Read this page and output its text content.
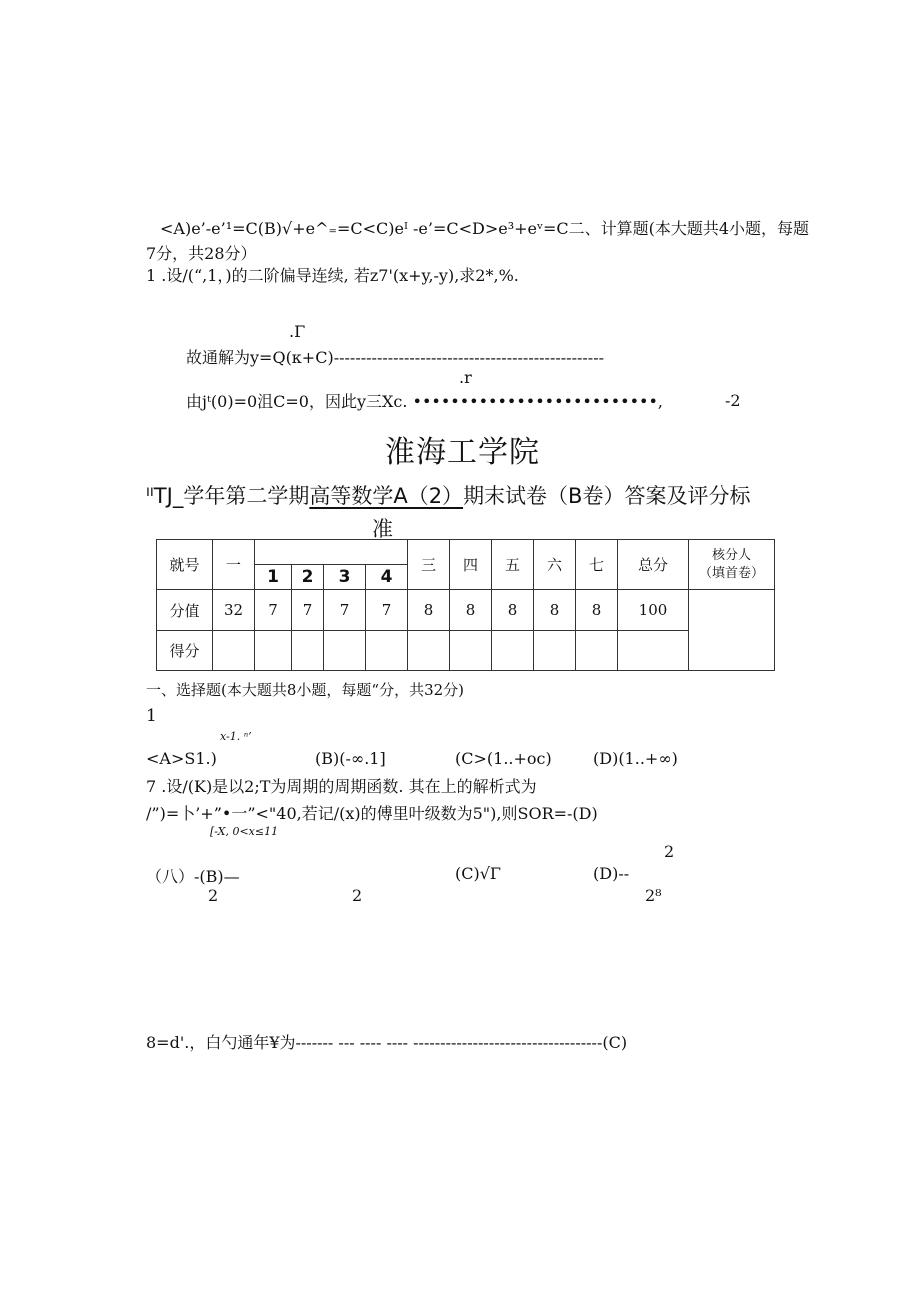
<A)e’-e’¹=C(B)√+e^₌=C<C)eᴵ -e’=C<D>e³+eᵛ=C二、计算题(本大题共4小题，每题
7分，共28分）
1 .设/(“,1，)的二阶偏导连续, 若z7'(x+y,-y),求2*,%.
.Γ
故通解为y=Q(κ+C)--------------------------------------------------
.r
由jᵗ(0)=0沮C=0，因此y三Xc. ••••••••••••••••••••••••••,	-2
淮海工学院
ᴵᴵTJ_学年第二学期高等数学A（2）期末试卷（B卷）答案及评分标
准
就号	一					三	四	五	六	七	总分	核分人
（填首卷）

		1	2	3	4							
分值	32	7	7	7	7	8	8	8	8	8	100	
得分												
一、选择题(本大题共8小题，每题“分，共32分)
1
x-1. ⁿ’
<A>S1.)	(B)(-∞.1]	(C>(1..+oc)	(D)(1..+∞)
7 .设/(K)是以2;T为周期的周期函数. 其在上的解析式为
/”)=卜’+”•一”<"40,若记/(x)的傅里叶级数为5"),则SOR=-(D)
[-X, 0<x≤11
2
（八）-(B)—	(C)√Γ	(D)--
2	2	2⁸
8=d'.，白勺通年¥为------- --- ---- ---- -----------------------------------(C)
